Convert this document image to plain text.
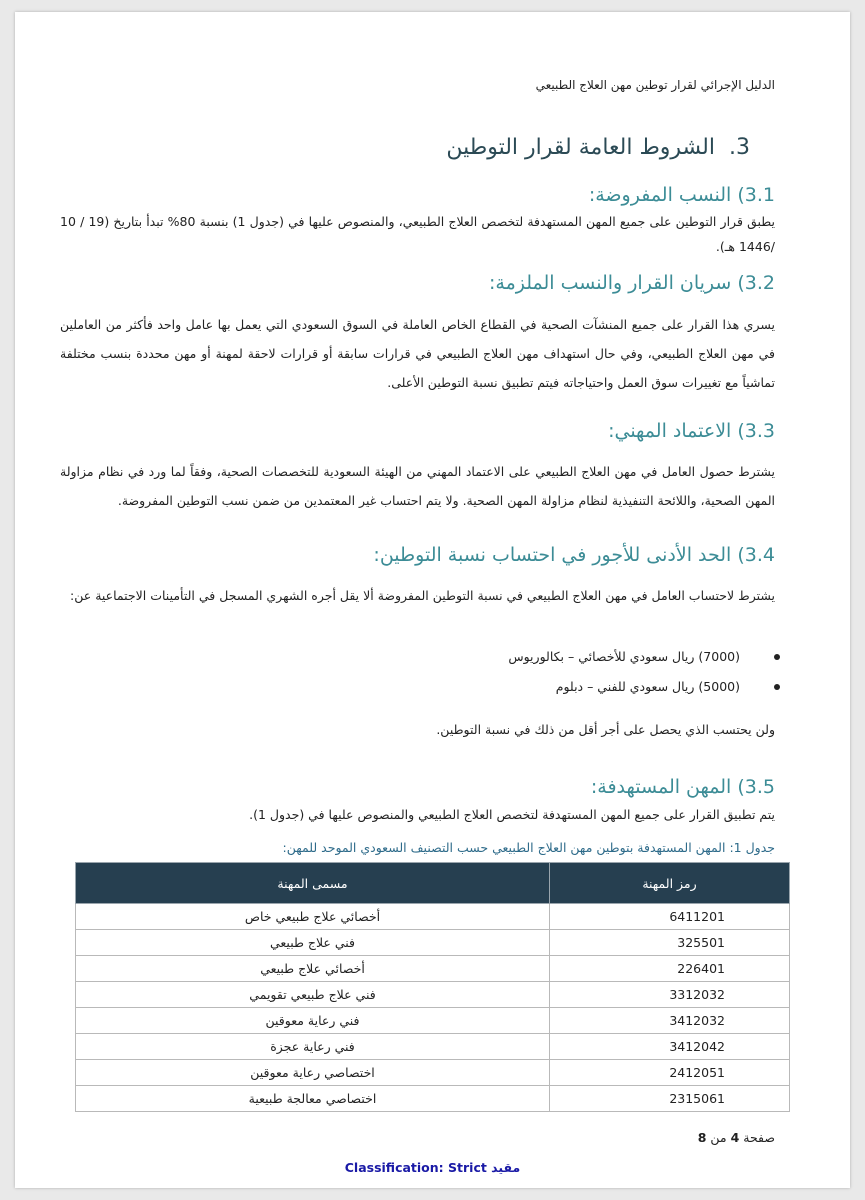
الدليل الإجرائي لقرار توطين مهن العلاج الطبيعي
3.
الشروط العامة لقرار التوطين
3.1) النسب المفروضة:

يطبق قرار التوطين على جميع المهن المستهدفة لتخصص العلاج الطبيعي، والمنصوص عليها في (جدول 1) بنسبة 80% تبدأ بتاريخ (19 / 10 /1446 هـ).

3.2) سريان القرار والنسب الملزمة:

يسري هذا القرار على جميع المنشآت الصحية في القطاع الخاص العاملة في السوق السعودي التي يعمل بها عامل واحد فأكثر من العاملين في مهن العلاج الطبيعي، وفي حال استهداف مهن العلاج الطبيعي في قرارات سابقة أو قرارات لاحقة لمهنة أو مهن محددة بنسب مختلفة تماشياً مع تغييرات سوق العمل واحتياجاته فيتم تطبيق نسبة التوطين الأعلى.

3.3) الاعتماد المهني:

يشترط حصول العامل في مهن العلاج الطبيعي على الاعتماد المهني من الهيئة السعودية للتخصصات الصحية، وفقاً لما ورد في نظام مزاولة المهن الصحية، واللائحة التنفيذية لنظام مزاولة المهن الصحية. ولا يتم احتساب غير المعتمدين من ضمن نسب التوطين المفروضة.

3.4) الحد الأدنى للأجور في احتساب نسبة التوطين:

يشترط لاحتساب العامل في مهن العلاج الطبيعي في نسبة التوطين المفروضة ألا يقل أجره الشهري المسجل في التأمينات الاجتماعية عن:

(7000) ريال سعودي للأخصائي – بكالوريوس
(5000) ريال سعودي للفني – دبلوم

ولن يحتسب الذي يحصل على أجر أقل من ذلك في نسبة التوطين.

3.5) المهن المستهدفة:

يتم تطبيق القرار على جميع المهن المستهدفة لتخصص العلاج الطبيعي والمنصوص عليها في (جدول 1).

جدول 1: المهن المستهدفة بتوطين مهن العلاج الطبيعي حسب التصنيف السعودي الموحد للمهن:
رمز المهنة	مسمى المهنة
6411201	أخصائي علاج طبيعي خاص
325501	فني علاج طبيعي
226401	أخصائي علاج طبيعي
3312032	فني علاج طبيعي تقويمي
3412032	فني رعاية معوقين
3412042	فني رعاية عجزة
2412051	اختصاصي رعاية معوقين
2315061	اختصاصي معالجة طبيعية
صفحة 4 من 8
مقيد Classification: Strict
